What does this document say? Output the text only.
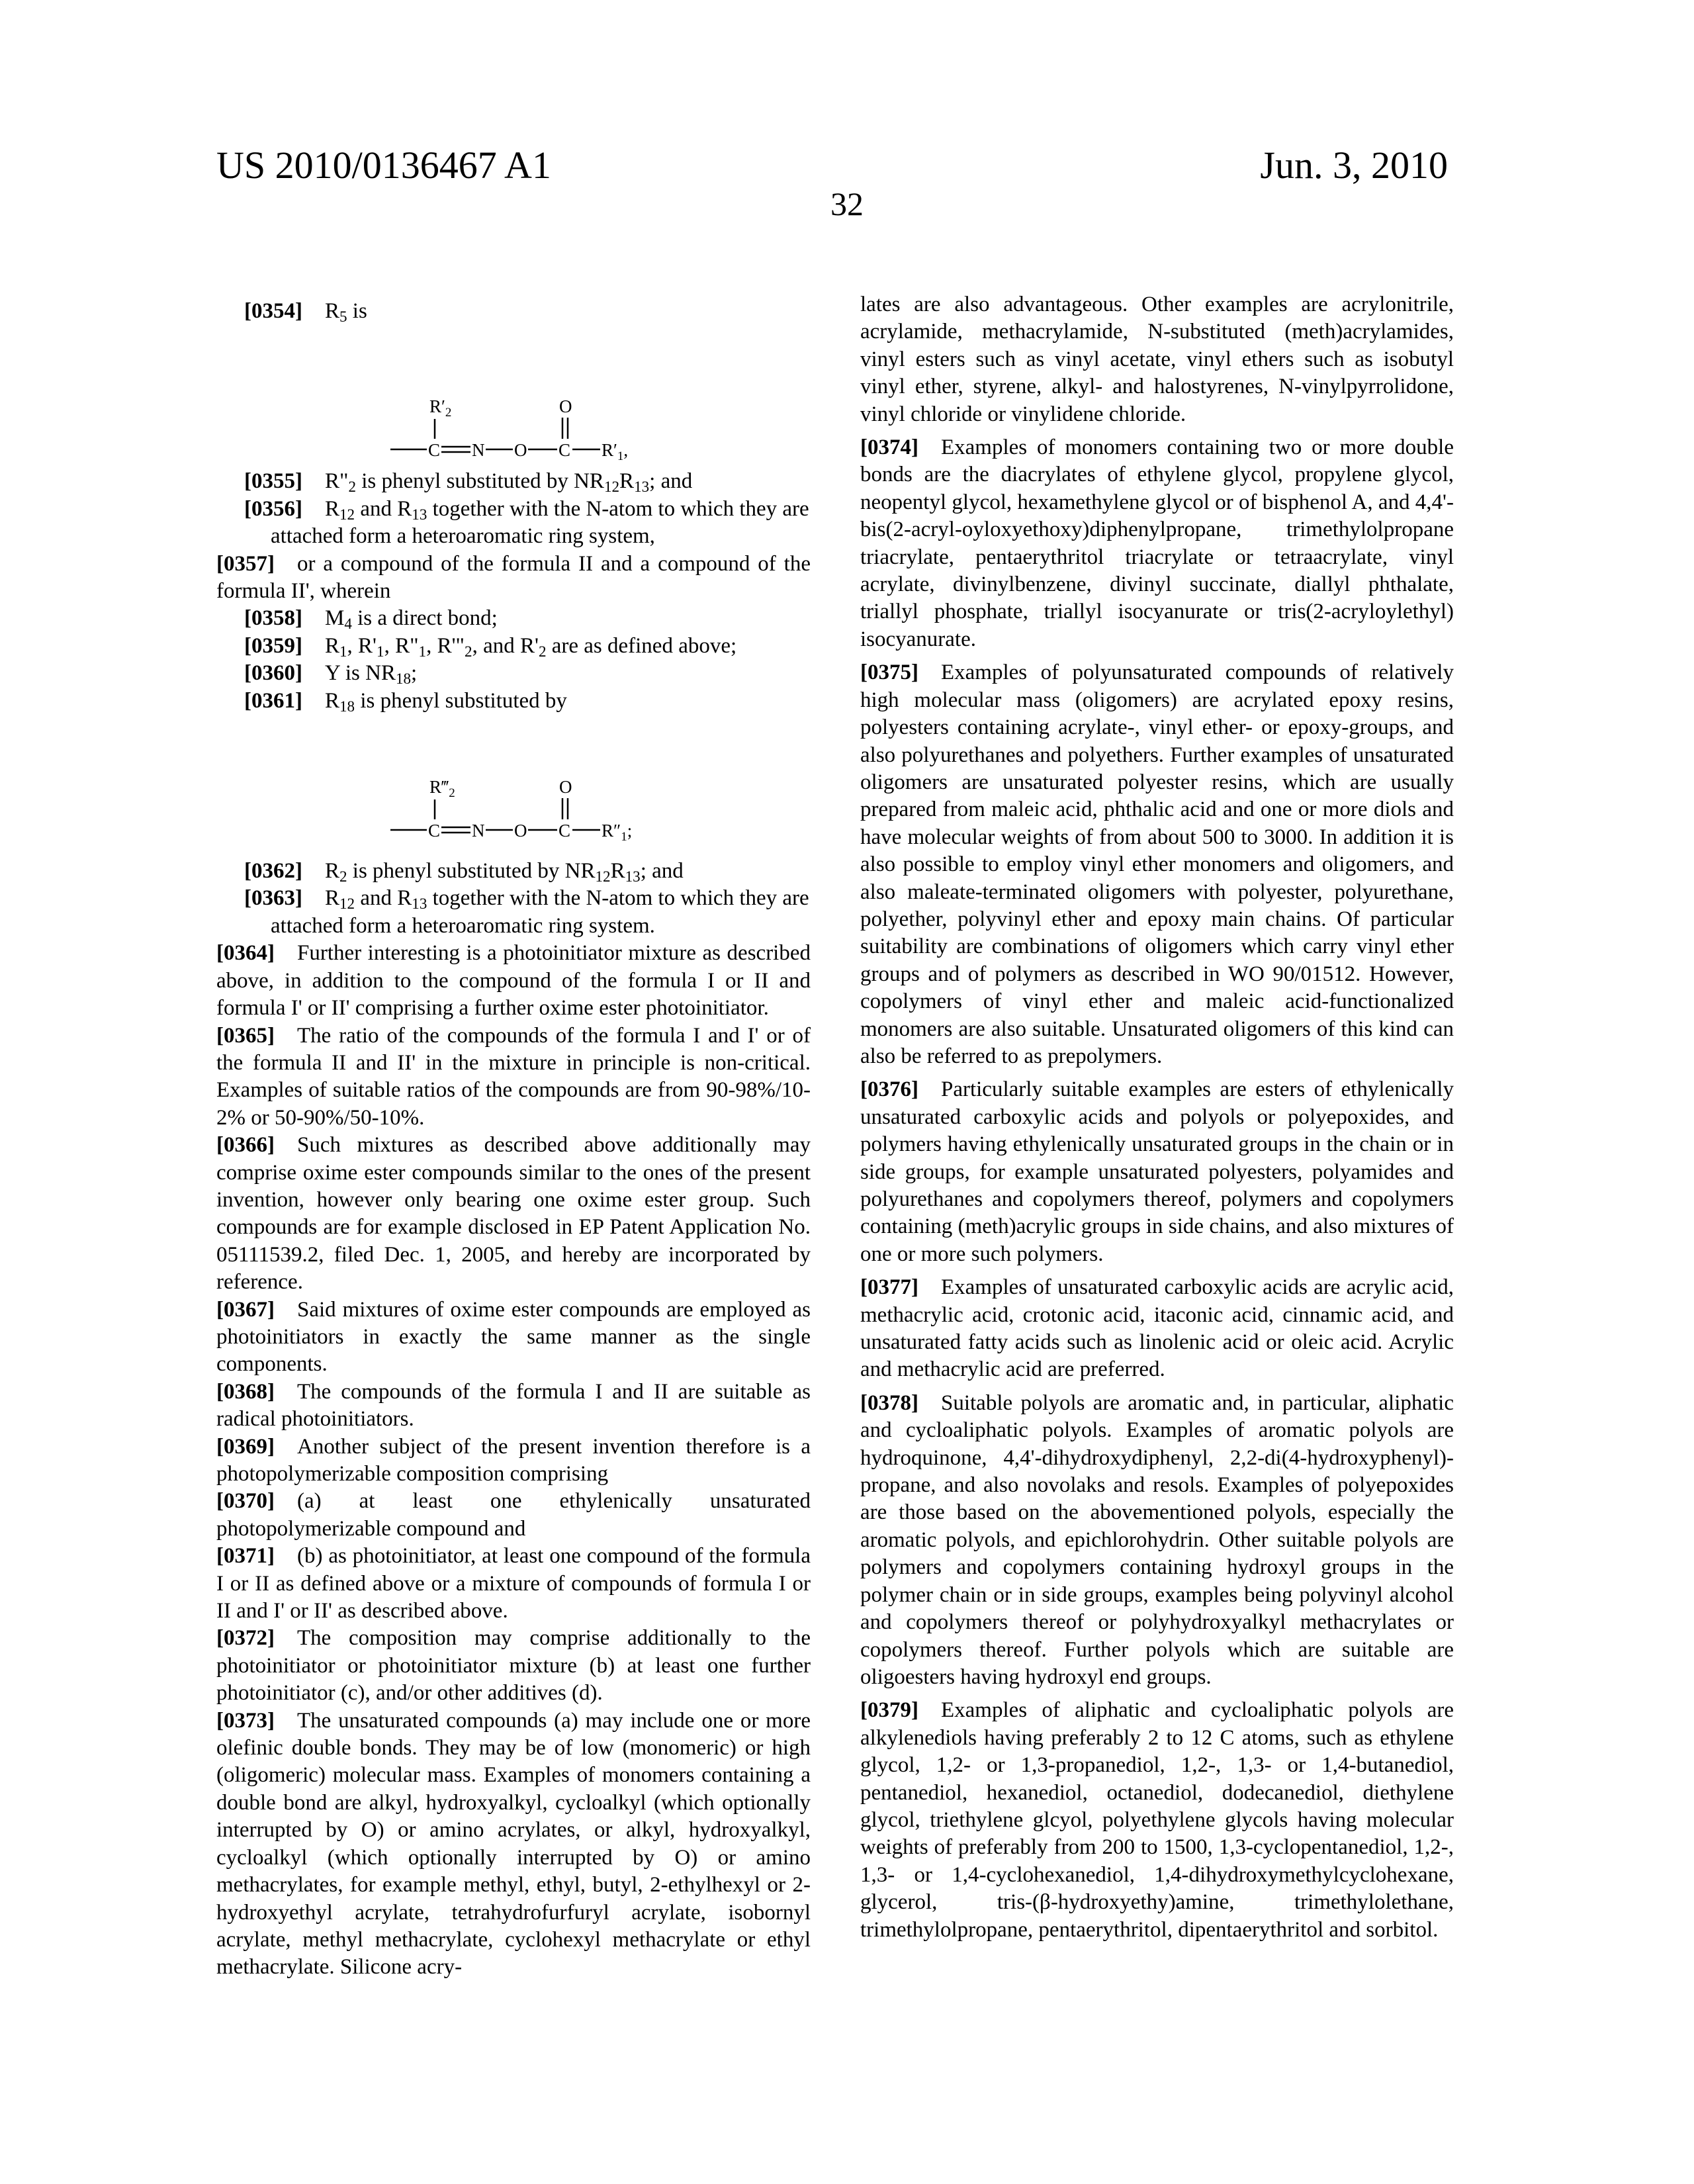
US 2010/0136467 A1	Jun. 3, 2010
32

[0354] $R_5$ is

$R'_2$
C N O C
O
$R'_1$,

[0355] $R"_2$ is phenyl substituted by $NR_{12}R_{13}$; and

[0356] $R_{12}$ and $R_{13}$ together with the N-atom to which they are attached form a heteroaromatic ring system,

[0357] or a compound of the formula II and a compound of the formula II', wherein

[0358] $M_4$ is a direct bond;

[0359] $R_1$, $R'_1$, $R"_1$, $R'"_2$, and $R'_2$ are as defined above;

[0360] Y is $NR_{18}$;

[0361] $R_{18}$ is phenyl substituted by

$R‴_2$
C N O C
O
$R''_1$;

[0362] $R_2$ is phenyl substituted by $NR_{12}R_{13}$; and

[0363] $R_{12}$ and $R_{13}$ together with the N-atom to which they are attached form a heteroaromatic ring system.

[0364] Further interesting is a photoinitiator mixture as described above, in addition to the compound of the formula I or II and formula I' or II' comprising a further oxime ester photoinitiator.

[0365] The ratio of the compounds of the formula I and I' or of the formula II and II' in the mixture in principle is non-critical. Examples of suitable ratios of the compounds are from 90-98%/10-2% or 50-90%/50-10%.

[0366] Such mixtures as described above additionally may comprise oxime ester compounds similar to the ones of the present invention, however only bearing one oxime ester group. Such compounds are for example disclosed in EP Patent Application No. 05111539.2, filed Dec. 1, 2005, and hereby are incorporated by reference.

[0367] Said mixtures of oxime ester compounds are employed as photoinitiators in exactly the same manner as the single components.

[0368] The compounds of the formula I and II are suitable as radical photoinitiators.

[0369] Another subject of the present invention therefore is a photopolymerizable composition comprising

[0370] (a) at least one ethylenically unsaturated photopolymerizable compound and

[0371] (b) as photoinitiator, at least one compound of the formula I or II as defined above or a mixture of compounds of formula I or II and I' or II' as described above.

[0372] The composition may comprise additionally to the photoinitiator or photoinitiator mixture (b) at least one further photoinitiator (c), and/or other additives (d).

[0373] The unsaturated compounds (a) may include one or more olefinic double bonds. They may be of low (monomeric) or high (oligomeric) molecular mass. Examples of monomers containing a double bond are alkyl, hydroxyalkyl, cycloalkyl (which optionally interrupted by O) or amino acrylates, or alkyl, hydroxyalkyl, cycloalkyl (which optionally interrupted by O) or amino methacrylates, for example methyl, ethyl, butyl, 2-ethylhexyl or 2-hydroxyethyl acrylate, tetrahydrofurfuryl acrylate, isobornyl acrylate, methyl methacrylate, cyclohexyl methacrylate or ethyl methacrylate. Silicone acry-

lates are also advantageous. Other examples are acrylonitrile, acrylamide, methacrylamide, N-substituted (meth)acrylamides, vinyl esters such as vinyl acetate, vinyl ethers such as isobutyl vinyl ether, styrene, alkyl- and halostyrenes, N-vinylpyrrolidone, vinyl chloride or vinylidene chloride.

[0374] Examples of monomers containing two or more double bonds are the diacrylates of ethylene glycol, propylene glycol, neopentyl glycol, hexamethylene glycol or of bisphenol A, and 4,4'-bis(2-acryl-oyloxyethoxy)diphenylpropane, trimethylolpropane triacrylate, pentaerythritol triacrylate or tetraacrylate, vinyl acrylate, divinylbenzene, divinyl succinate, diallyl phthalate, triallyl phosphate, triallyl isocyanurate or tris(2-acryloylethyl) isocyanurate.

[0375] Examples of polyunsaturated compounds of relatively high molecular mass (oligomers) are acrylated epoxy resins, polyesters containing acrylate-, vinyl ether- or epoxy-groups, and also polyurethanes and polyethers. Further examples of unsaturated oligomers are unsaturated polyester resins, which are usually prepared from maleic acid, phthalic acid and one or more diols and have molecular weights of from about 500 to 3000. In addition it is also possible to employ vinyl ether monomers and oligomers, and also maleate-terminated oligomers with polyester, polyurethane, polyether, polyvinyl ether and epoxy main chains. Of particular suitability are combinations of oligomers which carry vinyl ether groups and of polymers as described in WO 90/01512. However, copolymers of vinyl ether and maleic acid-functionalized monomers are also suitable. Unsaturated oligomers of this kind can also be referred to as prepolymers.

[0376] Particularly suitable examples are esters of ethylenically unsaturated carboxylic acids and polyols or polyepoxides, and polymers having ethylenically unsaturated groups in the chain or in side groups, for example unsaturated polyesters, polyamides and polyurethanes and copolymers thereof, polymers and copolymers containing (meth)acrylic groups in side chains, and also mixtures of one or more such polymers.

[0377] Examples of unsaturated carboxylic acids are acrylic acid, methacrylic acid, crotonic acid, itaconic acid, cinnamic acid, and unsaturated fatty acids such as linolenic acid or oleic acid. Acrylic and methacrylic acid are preferred.

[0378] Suitable polyols are aromatic and, in particular, aliphatic and cycloaliphatic polyols. Examples of aromatic polyols are hydroquinone, 4,4'-dihydroxydiphenyl, 2,2-di(4-hydroxyphenyl)-propane, and also novolaks and resols. Examples of polyepoxides are those based on the abovementioned polyols, especially the aromatic polyols, and epichlorohydrin. Other suitable polyols are polymers and copolymers containing hydroxyl groups in the polymer chain or in side groups, examples being polyvinyl alcohol and copolymers thereof or polyhydroxyalkyl methacrylates or copolymers thereof. Further polyols which are suitable are oligoesters having hydroxyl end groups.

[0379] Examples of aliphatic and cycloaliphatic polyols are alkylenediols having preferably 2 to 12 C atoms, such as ethylene glycol, 1,2- or 1,3-propanediol, 1,2-, 1,3- or 1,4-butanediol, pentanediol, hexanediol, octanediol, dodecanediol, diethylene glycol, triethylene glcyol, polyethylene glycols having molecular weights of preferably from 200 to 1500, 1,3-cyclopentanediol, 1,2-, 1,3- or 1,4-cyclohexanediol, 1,4-dihydroxymethylcyclohexane, glycerol, tris-(β-hydroxyethy)amine, trimethylolethane, trimethylolpropane, pentaerythritol, dipentaerythritol and sorbitol.
